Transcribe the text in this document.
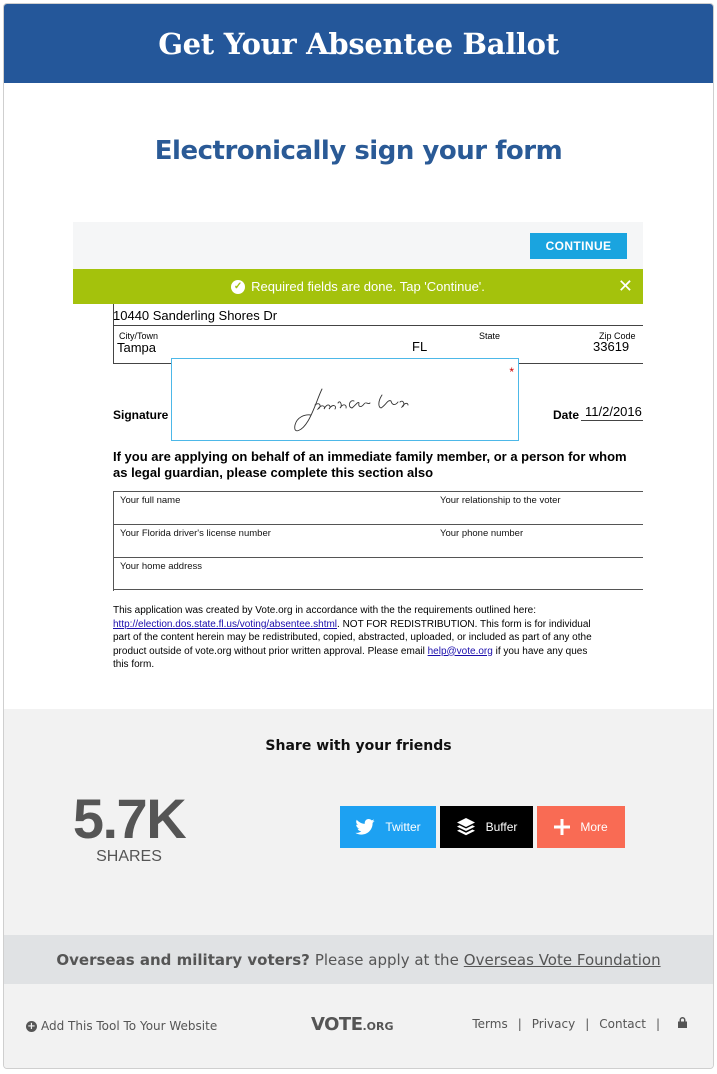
Get Your Absentee Ballot
Electronically sign your form
CONTINUE
✓ Required fields are done. Tap 'Continue'.	✕
10440 Sanderling Shores Dr
City/Town
Tampa
State
FL
Zip Code
33619
Signature	Date 11/2/2016
*
If you are applying on behalf of an immediate family member, or a person for whom
as legal guardian, please complete this section also
Your full name	Your relationship to the voter
Your Florida driver's license number	Your phone number
Your home address
This application was created by Vote.org in accordance with the the requirements outlined here:
http://election.dos.state.fl.us/voting/absentee.shtml. NOT FOR REDISTRIBUTION. This form is for individual
part of the content herein may be redistributed, copied, abstracted, uploaded, or included as part of any othe
product outside of vote.org without prior written approval. Please email help@vote.org if you have any ques
this form.
Share with your friends
5.7K
SHARES
Twitter	Buffer	More
Overseas and military voters? Please apply at the Overseas Vote Foundation
+ Add This Tool To Your Website	VOTE.ORG	Terms | Privacy | Contact |
